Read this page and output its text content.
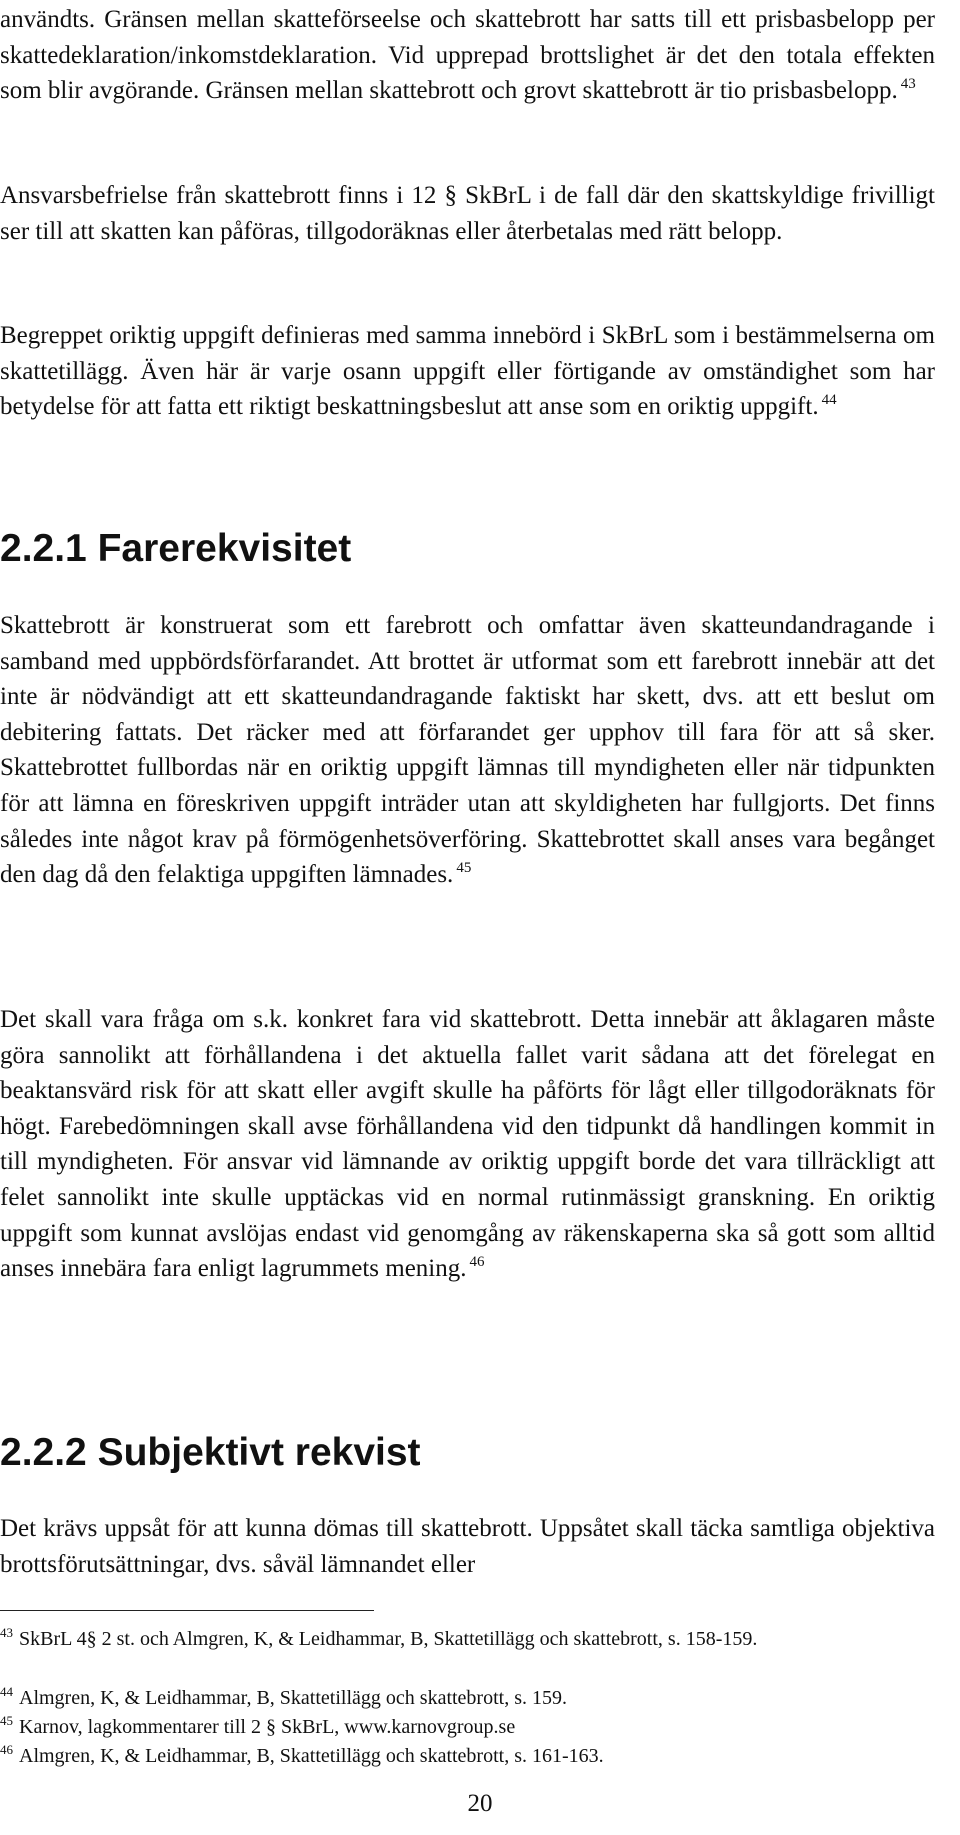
användts. Gränsen mellan skatteförseelse och skattebrott har satts till ett prisbasbelopp per skattedeklaration/inkomstdeklaration. Vid upprepad brottslighet är det den totala effekten som blir avgörande. Gränsen mellan skattebrott och grovt skattebrott är tio prisbasbelopp. $^{43}$

Ansvarsbefrielse från skattebrott finns i 12 § SkBrL i de fall där den skattskyldige frivilligt ser till att skatten kan påföras, tillgodoräknas eller återbetalas med rätt belopp.

Begreppet oriktig uppgift definieras med samma innebörd i SkBrL som i bestämmelserna om skattetillägg. Även här är varje osann uppgift eller förtigande av omständighet som har betydelse för att fatta ett riktigt beskattningsbeslut att anse som en oriktig uppgift. $^{44}$

2.2.1 Farerekvisitet

Skattebrott är konstruerat som ett farebrott och omfattar även skatteundandragande i samband med uppbördsförfarandet. Att brottet är utformat som ett farebrott innebär att det inte är nödvändigt att ett skatteundandragande faktiskt har skett, dvs. att ett beslut om debitering fattats. Det räcker med att förfarandet ger upphov till fara för att så sker. Skattebrottet fullbordas när en oriktig uppgift lämnas till myndigheten eller när tidpunkten för att lämna en föreskriven uppgift inträder utan att skyldigheten har fullgjorts. Det finns således inte något krav på förmögenhetsöverföring. Skattebrottet skall anses vara begånget den dag då den felaktiga uppgiften lämnades. $^{45}$

Det skall vara fråga om s.k. konkret fara vid skattebrott. Detta innebär att åklagaren måste göra sannolikt att förhållandena i det aktuella fallet varit sådana att det förelegat en beaktansvärd risk för att skatt eller avgift skulle ha påförts för lågt eller tillgodoräknats för högt. Farebedömningen skall avse förhållandena vid den tidpunkt då handlingen kommit in till myndigheten. För ansvar vid lämnande av oriktig uppgift borde det vara tillräckligt att felet sannolikt inte skulle upptäckas vid en normal rutinmässigt granskning. En oriktig uppgift som kunnat avslöjas endast vid genomgång av räkenskaperna ska så gott som alltid anses innebära fara enligt lagrummets mening. $^{46}$

2.2.2 Subjektivt rekvist

Det krävs uppsåt för att kunna dömas till skattebrott. Uppsåtet skall täcka samtliga objektiva brottsförutsättningar, dvs. såväl lämnandet eller

$^{43}$ SkBrL 4§ 2 st. och Almgren, K, & Leidhammar, B, Skattetillägg och skattebrott, s. 158-159.

$^{44}$ Almgren, K, & Leidhammar, B, Skattetillägg och skattebrott, s. 159.

$^{45}$ Karnov, lagkommentarer till 2 § SkBrL, www.karnovgroup.se

$^{46}$ Almgren, K, & Leidhammar, B, Skattetillägg och skattebrott, s. 161-163.

20
